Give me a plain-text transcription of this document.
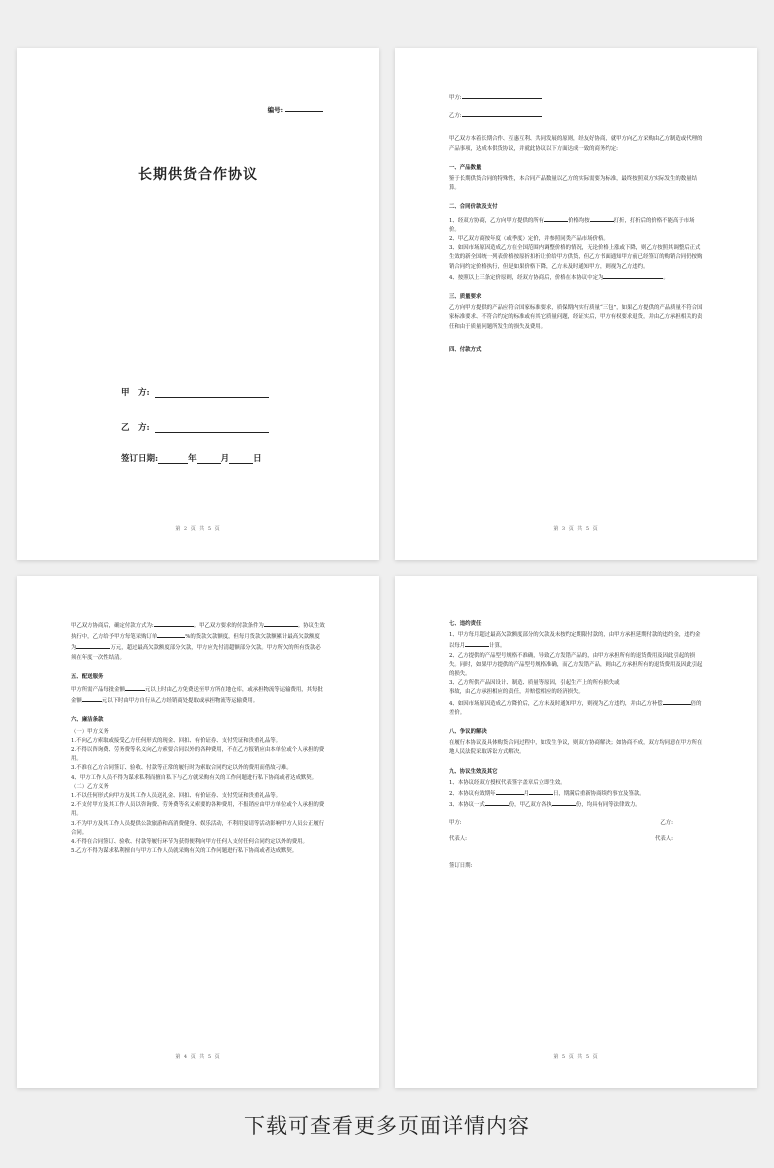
编号:
长期供货合作协议
甲　方:
乙　方:
签订日期:	年	月	日
第 2 页 共 5 页

甲方:

乙方:

甲乙双方本着长期合作、互惠互利、共同发展的原则，经友好协商，就甲方向乙方采购由乙方制造或代理的产品事项，达成本供货协议，并就此协议以下方面达成一致的商务约定:

一、产品数量

鉴于长期供货合同的特殊性，本合同产品数量以乙方的实际需要为标准，最终按照双方实际发生的数量结算。

二、合同价款及支付

1、经双方协商，乙方向甲方提供的所有	价格均按	打折，打折后的价格不能高于市场价。

2、甲乙双方商按年度（或季度）定价，并参照同类产品市场价格。

3、如因市场原因造成乙方在全国范围内调整价格的情况，无论价格上涨或下降，则乙方按照其调整后正式生效的新全国统一列表价格按原折扣折让价给甲方供货，但乙方书面通知甲方前已经签订的购销合同仍按购销合同约定价格执行，但是如果价格下降，乙方未及时通知甲方，则视为乙方违约。

4、按照以上三条定价原则，经双方协商后，价格在本协议中定为	。

三、质量要求

乙方向甲方提供的产品应符合国家标准要求，质保期内实行质量“三包”，如果乙方提供的产品质量不符合国家标准要求、不符合约定的标准或有其它质量问题，经证实后，甲方有权要求退货，并由乙方承担相关的责任和由于质量问题所发生的损失及费用。

四、付款方式

第 3 页 共 5 页

甲乙双方协商后，确定付款方式为:	。甲乙双方要求的付款条件为	。协议生效执行中，乙方给予甲方每笔采购订单	%的货款欠款额度，但每月货款欠款额累计最高欠款额度为	万元，超过最高欠款额度部分欠款，甲方应先付清超额部分欠款。甲方所欠的所有货款必须在年度一次性结清。

五、配送服务

甲方所需产品每批金额	元以上时由乙方免费送至甲方所在地仓库，或承担物流等运输费用，其每批金额	元以下时由甲方自行从乙方经销商处提取或承担物流等运输费用。

六、廉洁条款

（一）甲方义务

1.不向乙方索取或接受乙方任何形式的现金、回扣、有价证券、支付凭证和贵重礼品等。

2.不得以咨询费、劳务费等名义向乙方索要合同以外的各种费用，不在乙方报销应由本单位或个人承担的费用。

3.不准在乙方合同签订、验收、付款等正常的履行时为索取合同约定以外的费用而借故刁难。

4、甲方工作人员不得为谋求私利而擅自私下与乙方就采购有关的工作问题进行私下协商或者达成默契。

（二）乙方义务

1.不以任何形式向甲方及其工作人员送礼金、回扣、有价证券、支付凭证和贵重礼品等。

2.不支付甲方及其工作人员以咨询费、劳务费等名义索要的各种费用，不报销应由甲方单位或个人承担的费用。

3.不为甲方及其工作人员提供公款旅游和高消费健身、娱乐活动，不利用宴请等活动影响甲方人员公正履行合同。

4.不得在合同签订、验收、付款等履行环节为获得便利向甲方任何人支付任何合同约定以外的费用。

5.乙方不得为谋求私利擅自与甲方工作人员就采购有关的工作问题进行私下协商或者达成默契。

第 4 页 共 5 页

七、违约责任

1、甲方每月超过最高欠款额度部分的欠款及未按约定期限付款的，由甲方承担延期付款的违约金，违约金以每月	计算。

2、乙方提供的产品型号规格不准确，导致乙方发错产品的，由甲方承担所有的退货费用及因此引起的损失。同时，如果甲方提供的产品型号规格准确，而乙方发错产品，则由乙方承担所有的退货费用及因此引起的损失。

3、乙方所供产品因设计、制造、质量等原因，引起生产上的所有损失或

事故，由乙方承担相应的责任，并赔偿相应的经济损失。

4、如因市场原因造成乙方降价后，乙方未及时通知甲方，则视为乙方违约，并由乙方补偿	倍的差价。

八、争议的解决

在履行本协议及具体购货合同过程中，如发生争议，则双方协商解决；如协商不成，双方均同意在甲方所在地人民法院采取诉讼方式解决。

九、协议生效及其它

1、本协议经双方授权代表签字盖章后立即生效。

2、本协议有效期年	月	日，期满后重新协商续约事宜及签款。

3、本协议一式	份，甲乙双方各执	份，均具有同等法律效力。

甲方:	乙方:
代表人:	代表人:

签订日期:

第 5 页 共 5 页
下载可查看更多页面详情内容
